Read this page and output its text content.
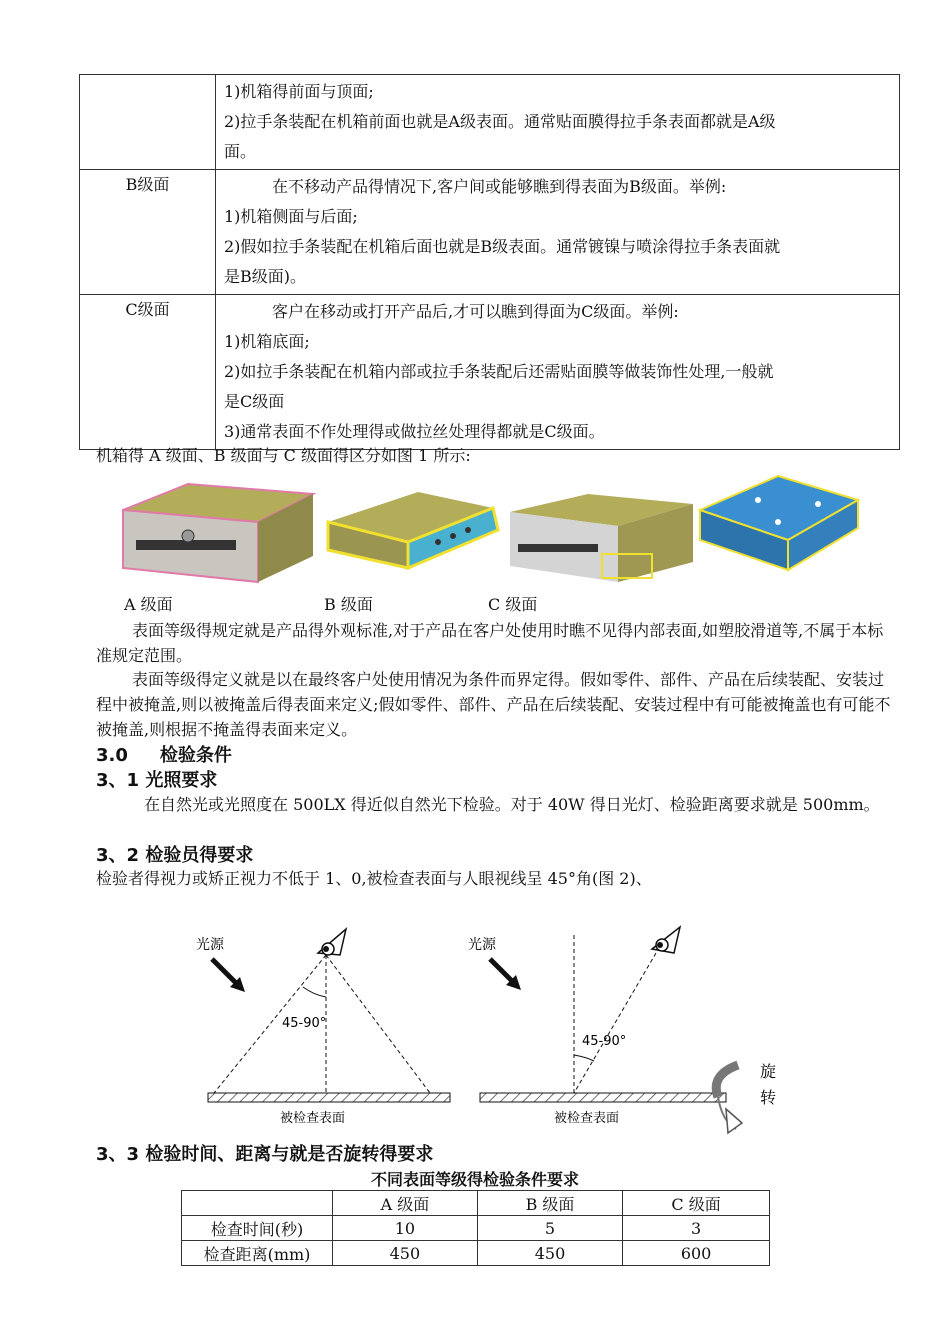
	1)机箱得前面与顶面;
2)拉手条装配在机箱前面也就是A级表面。通常贴面膜得拉手条表面都就是A级
面。

B级面	在不移动产品得情况下,客户间或能够瞧到得表面为B级面。举例:
1)机箱侧面与后面;
2)假如拉手条装配在机箱后面也就是B级表面。通常镀镍与喷涂得拉手条表面就
是B级面)。

C级面	客户在移动或打开产品后,才可以瞧到得面为C级面。举例:
1)机箱底面;
2)如拉手条装配在机箱内部或拉手条装配后还需贴面膜等做装饰性处理,一般就
是C级面
3)通常表面不作处理得或做拉丝处理得都就是C级面。
机箱得 A 级面、B 级面与 C 级面得区分如图 1 所示:
A 级面	B 级面	C 级面
表面等级得规定就是产品得外观标准,对于产品在客户处使用时瞧不见得内部表面,如塑胶滑道等,不属于本标准规定范围。
表面等级得定义就是以在最终客户处使用情况为条件而界定得。假如零件、部件、产品在后续装配、安装过程中被掩盖,则以被掩盖后得表面来定义;假如零件、部件、产品在后续装配、安装过程中有可能被掩盖也有可能不被掩盖,则根据不掩盖得表面来定义。
3.0 检验条件
3、1 光照要求
在自然光或光照度在 500LX 得近似自然光下检验。对于 40W 得日光灯、检验距离要求就是 500mm。
3、2 检验员得要求
检验者得视力或矫正视力不低于 1、0,被检查表面与人眼视线呈 45°角(图 2)、
光源
45-90°
被检查表面
光源
45-90°
被检查表面
旋
转
3、3 检验时间、距离与就是否旋转得要求
不同表面等级得检验条件要求
	A 级面	B 级面	C 级面
检查时间(秒)	10	5	3
检查距离(mm)	450	450	600
